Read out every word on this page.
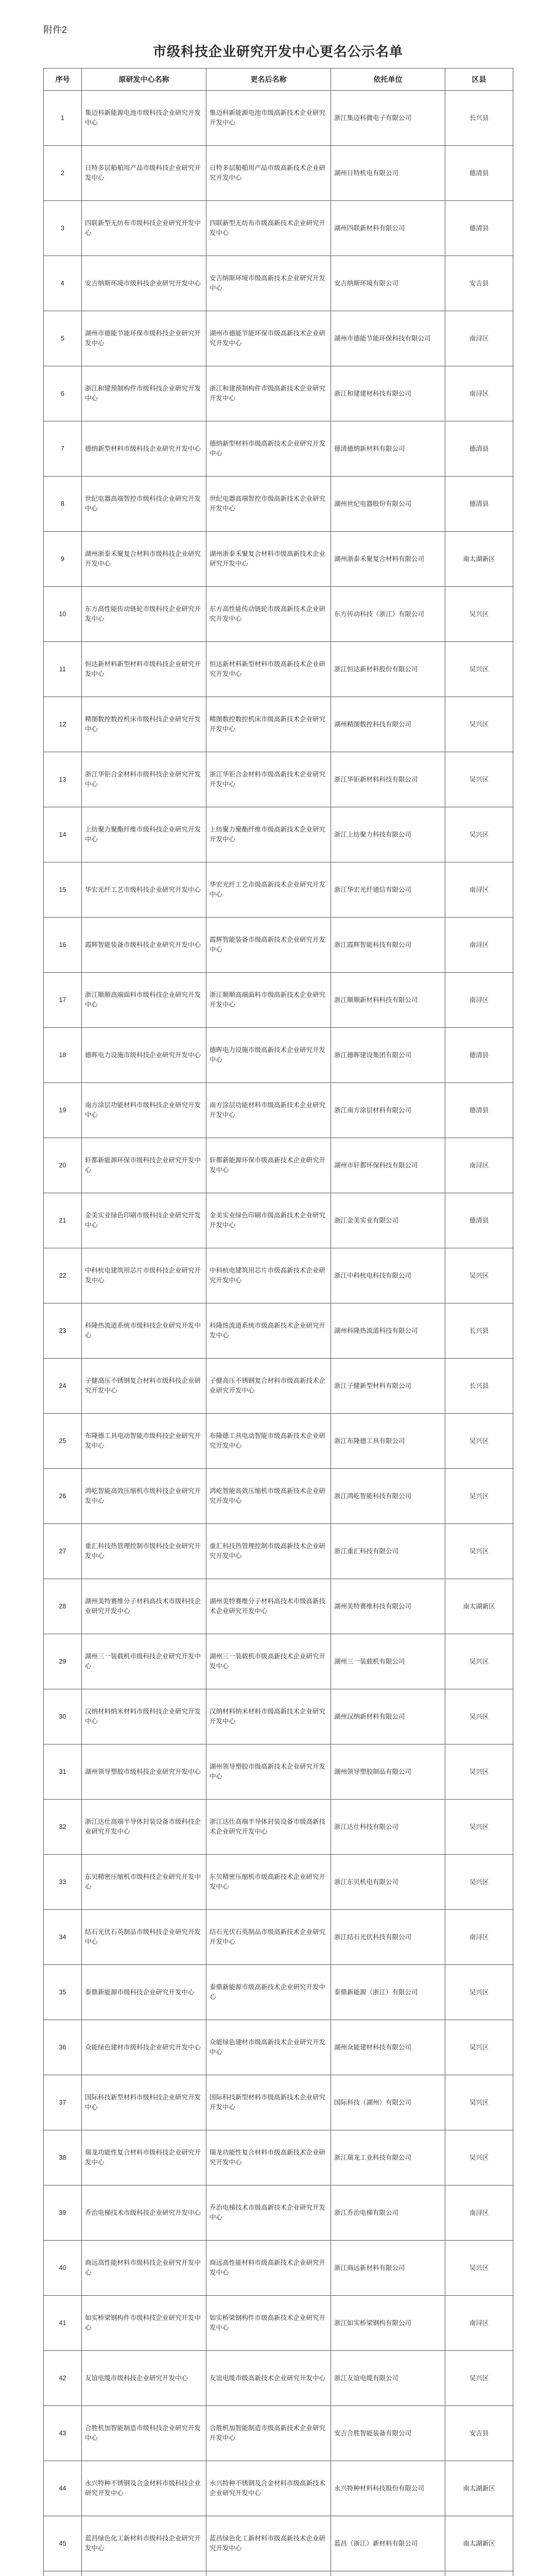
附件2
市级科技企业研究开发中心更名公示名单
序号	原研发中心名称	更名后名称	依托单位	区县
1	集迈科新能源电池市级科技企业研究开发中心	集迈科新能源电池市级高新技术企业研究开发中心	浙江集迈科微电子有限公司	长兴县
2	日特多层船舶用产品市级科技企业研究开发中心	日特多层船舶用产品市级高新技术企业研究开发中心	湖州日特机电有限公司	德清县
3	四联新型无纺布市级科技企业研究开发中心	四联新型无纺布市级高新技术企业研究开发中心	湖州四联新材料有限公司	德清县
4	安吉纳斯环境市级科技企业研究开发中心	安吉纳斯环境市级高新技术企业研究开发中心	安吉纳斯环境有限公司	安吉县
5	湖州市德能节能环保市级科技企业研究开发中心	湖州市德能节能环保市级高新技术企业研究开发中心	湖州市德能节能环保科技有限公司	南浔区
6	浙江和建预制构件市级科技企业研究开发中心	浙江和建预制构件市级高新技术企业研究开发中心	浙江和建建材科技有限公司	南浔区
7	德纳新型材料市级科技企业研究开发中心	德纳新型材料市级高新技术企业研究开发中心	德清德纳新材料有限公司	德清县
8	世纪电器高端智控市级科技企业研究开发中心	世纪电器高端智控市级高新技术企业研究开发中心	湖州世纪电器股份有限公司	德清县
9	湖州浙泰禾聚复合材料市级科技企业研究开发中心	湖州浙泰禾聚复合材料市级高新技术企业研究开发中心	湖州浙泰禾聚复合材料有限公司	南太湖新区
10	东方高性能传动链轮市级科技企业研究开发中心	东方高性能传动链轮市级高新技术企业研究开发中心	东方传动科技（浙江）有限公司	吴兴区
11	恒达新材料新型材料市级科技企业研究开发中心	恒达新材料新型材料市级高新技术企业研究开发中心	浙江恒达新材料股份有限公司	吴兴区
12	精图数控数控机床市级科技企业研究开发中心	精图数控数控机床市级高新技术企业研究开发中心	湖州精图数控科技有限公司	吴兴区
13	浙江华钜合金材料市级科技企业研究开发中心	浙江华钜合金材料市级高新技术企业研究开发中心	浙江华钜新材料科技有限公司	吴兴区
14	上纺聚力聚酯纤维市级科技企业研究开发中心	上纺聚力聚酯纤维市级高新技术企业研究开发中心	浙江上纺聚力科技有限公司	吴兴区
15	华宏光纤工艺市级科技企业研究开发中心	华宏光纤工艺市级高新技术企业研究开发中心	浙江华宏光纤通信有限公司	南浔区
16	霞辉智能装备市级科技企业研究开发中心	霞辉智能装备市级高新技术企业研究开发中心	浙江霞辉智能科技有限公司	南浔区
17	浙江顺顺高端面料市级科技企业研究开发中心	浙江顺顺高端面料市级高新技术企业研究开发中心	浙江顺顺新材料科技有限公司	南浔区
18	德晖电力设施市级科技企业研究开发中心	德晖电力设施市级高新技术企业研究开发中心	浙江德晖建设集团有限公司	德清县
19	南方涂层功能材料市级科技企业研究开发中心	南方涂层功能材料市级高新技术企业研究开发中心	浙江南方涂层材料有限公司	德清县
20	轩都新能源环保市级科技企业研究开发中心	轩都新能源环保市级高新技术企业研究开发中心	湖州市轩都环保科技有限公司	南浔区
21	金美实业绿色印刷市级科技企业研究开发中心	金美实业绿色印刷市级高新技术企业研究开发中心	浙江金美实业有限公司	德清县
22	中科杭电建筑用芯片市级科技企业研究开发中心	中科杭电建筑用芯片市级高新技术企业研究开发中心	浙江中科杭电科技有限公司	吴兴区
23	科隆热流道系统市级科技企业研究开发中心	科隆热流道系统市级高新技术企业研究开发中心	湖州科隆热流道科技有限公司	长兴县
24	子健高压不锈钢复合材料市级科技企业研究开发中心	子健高压不锈钢复合材料市级高新技术企业研究开发中心	浙江子健新型材料有限公司	长兴县
25	布隆德工具电动智能市级科技企业研究开发中心	布隆德工具电动智能市级高新技术企业研究开发中心	浙江布隆德工具有限公司	吴兴区
26	鸿屹智能高效压缩机市级科技企业研究开发中心	鸿屹智能高效压缩机市级高新技术企业研究开发中心	浙江鸿屹智能科技有限公司	吴兴区
27	重汇科技热管理控制市级科技企业研究开发中心	重汇科技热管理控制市级高新技术企业研究开发中心	浙江重汇科技有限公司	吴兴区
28	湖州美特赛维分子材料高技术市级科技企业研究开发中心	湖州美特赛维分子材料高技术市级高新技术企业研究开发中心	湖州美特赛维科技有限公司	南太湖新区
29	湖州三一装载机市级科技企业研究开发中心	湖州三一装载机市级高新技术企业研究开发中心	湖州三一装载机有限公司	吴兴区
30	汉纳材料纳米材料市级科技企业研究开发中心	汉纳材料纳米材料市级高新技术企业研究开发中心	湖州汉纳新材料有限公司	吴兴区
31	湖州领导塑胶市级科技企业研究开发中心	湖州领导塑胶市级高新技术企业研究开发中心	湖州领导塑胶制品有限公司	吴兴区
32	浙江达仕高端半导体封装设备市级科技企业研究开发中心	浙江达仕高端半导体封装设备市级高新技术企业研究开发中心	浙江达仕科技有限公司	吴兴区
33	东贝精密压缩机市级科技企业研究开发中心	东贝精密压缩机市级高新技术企业研究开发中心	浙江东贝机电有限公司	吴兴区
34	结石光伏石英制品市级科技企业研究开发中心	结石光伏石英制品市级高新技术企业研究开发中心	浙江结石光伏科技有限公司	南浔区
35	泰鼎新能源市级科技企业研究开发中心	泰鼎新能源市级高新技术企业研究开发中心	泰鼎新能源（浙江）有限公司	吴兴区
36	众能绿色建材市级科技企业研究开发中心	众能绿色建材市级高新技术企业研究开发中心	湖州众能建材科技有限公司	吴兴区
37	国际科技新型材料市级科技企业研究开发中心	国际科技新型材料市级高新技术企业研究开发中心	国际科技（湖州）有限公司	吴兴区
38	瑞龙功能性复合材料市级科技企业研究开发中心	瑞龙功能性复合材料市级高新技术企业研究开发中心	浙江瑞龙工业科技有限公司	吴兴区
39	乔治电梯技术市级科技企业研究开发中心	乔治电梯技术市级高新技术企业研究开发中心	浙江乔治电梯有限公司	南浔区
40	商远高性能材料市级科技企业研究开发中心	商远高性能材料市级高新技术企业研究开发中心	浙江商远新材料有限公司	吴兴区
41	如实桥梁钢构件市级科技企业研究开发中心	如实桥梁钢构件市级高新技术企业研究开发中心	浙江如实桥梁钢构有限公司	南浔区
42	友谊电缆市级科技企业研究开发中心	友谊电缆市级高新技术企业研究开发中心	浙江友谊电缆有限公司	吴兴区
43	合胜机加智能制造市级科技企业研究开发中心	合胜机加智能制造市级高新技术企业研究开发中心	安吉合胜智能装备有限公司	安吉县
44	永兴特种不锈钢及合金材料市级科技企业研究开发中心	永兴特种不锈钢及合金材料市级高新技术企业研究开发中心	永兴特种材料科技股份有限公司	南太湖新区
45	蓝昌绿色化工新材料市级科技企业研究开发中心	蓝昌绿色化工新材料市级高新技术企业研究开发中心	蓝昌（浙江）新材料有限公司	南太湖新区
